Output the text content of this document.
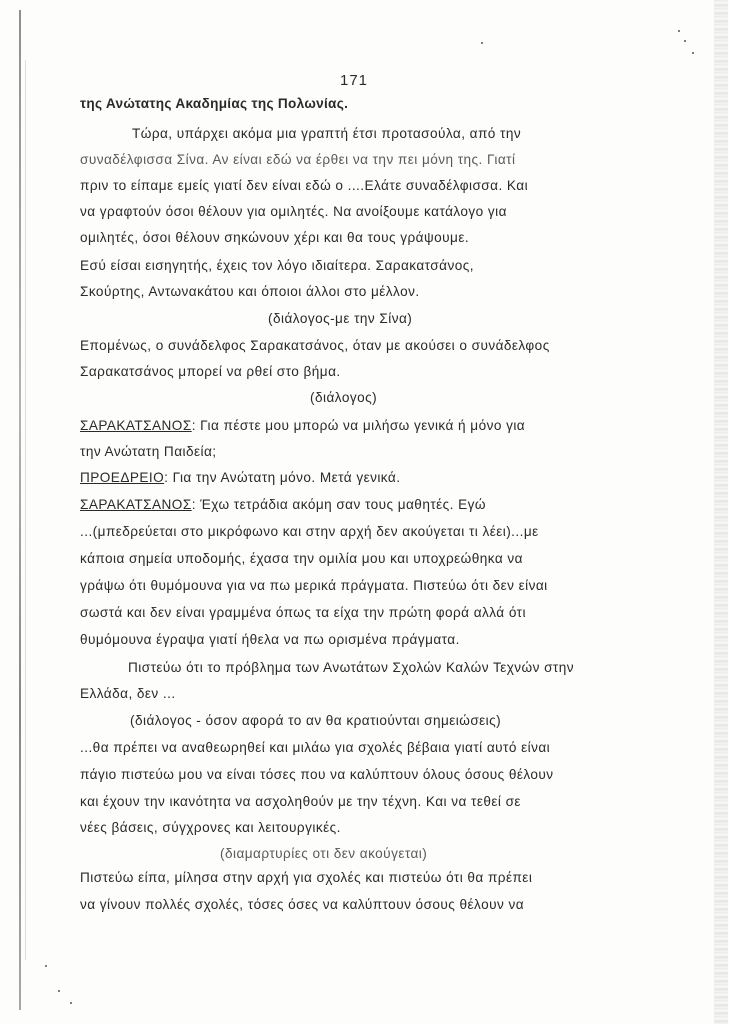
171
της Ανώτατης Ακαδημίας της Πολωνίας.
Τώρα, υπάρχει ακόμα μια γραπτή έτσι προτασούλα, από την
συναδέλφισσα Σίνα. Αν είναι εδώ να έρθει να την πει μόνη της. Γιατί
πριν το είπαμε εμείς γιατί δεν είναι εδώ ο ....Ελάτε συναδέλφισσα. Και
να γραφτούν όσοι θέλουν για ομιλητές. Να ανοίξουμε κατάλογο για
ομιλητές, όσοι θέλουν σηκώνουν χέρι και θα τους γράψουμε.
Εσύ είσαι εισηγητής, έχεις τον λόγο ιδιαίτερα. Σαρακατσάνος,
Σκούρτης, Αντωνακάτου και όποιοι άλλοι στο μέλλον.
(διάλογος-με την Σίνα)
Επομένως, ο συνάδελφος Σαρακατσάνος, όταν με ακούσει ο συνάδελφος
Σαρακατσάνος μπορεί να ρθεί στο βήμα.
(διάλογος)
ΣΑΡΑΚΑΤΣΑΝΟΣ: Για πέστε μου μπορώ να μιλήσω γενικά ή μόνο για
την Ανώτατη Παιδεία;
ΠΡΟΕΔΡΕΙΟ: Για την Ανώτατη μόνο. Μετά γενικά.
ΣΑΡΑΚΑΤΣΑΝΟΣ: Έχω τετράδια ακόμη σαν τους μαθητές. Εγώ
...(μπεδρεύεται στο μικρόφωνο και στην αρχή δεν ακούγεται τι λέει)...με
κάποια σημεία υποδομής, έχασα την ομιλία μου και υποχρεώθηκα να
γράψω ότι θυμόμουνα για να πω μερικά πράγματα. Πιστεύω ότι δεν είναι
σωστά και δεν είναι γραμμένα όπως τα είχα την πρώτη φορά αλλά ότι
θυμόμουνα έγραψα γιατί ήθελα να πω ορισμένα πράγματα.
Πιστεύω ότι το πρόβλημα των Ανωτάτων Σχολών Καλών Τεχνών στην
Ελλάδα, δεν ...
(διάλογος - όσον αφορά το αν θα κρατιούνται σημειώσεις)
...θα πρέπει να αναθεωρηθεί και μιλάω για σχολές βέβαια γιατί αυτό είναι
πάγιο πιστεύω μου να είναι τόσες που να καλύπτουν όλους όσους θέλουν
και έχουν την ικανότητα να ασχοληθούν με την τέχνη. Και να τεθεί σε
νέες βάσεις, σύγχρονες και λειτουργικές.
(διαμαρτυρίες οτι δεν ακούγεται)
Πιστεύω είπα, μίλησα στην αρχή για σχολές και πιστεύω ότι θα πρέπει
να γίνουν πολλές σχολές, τόσες όσες να καλύπτουν όσους θέλουν να
